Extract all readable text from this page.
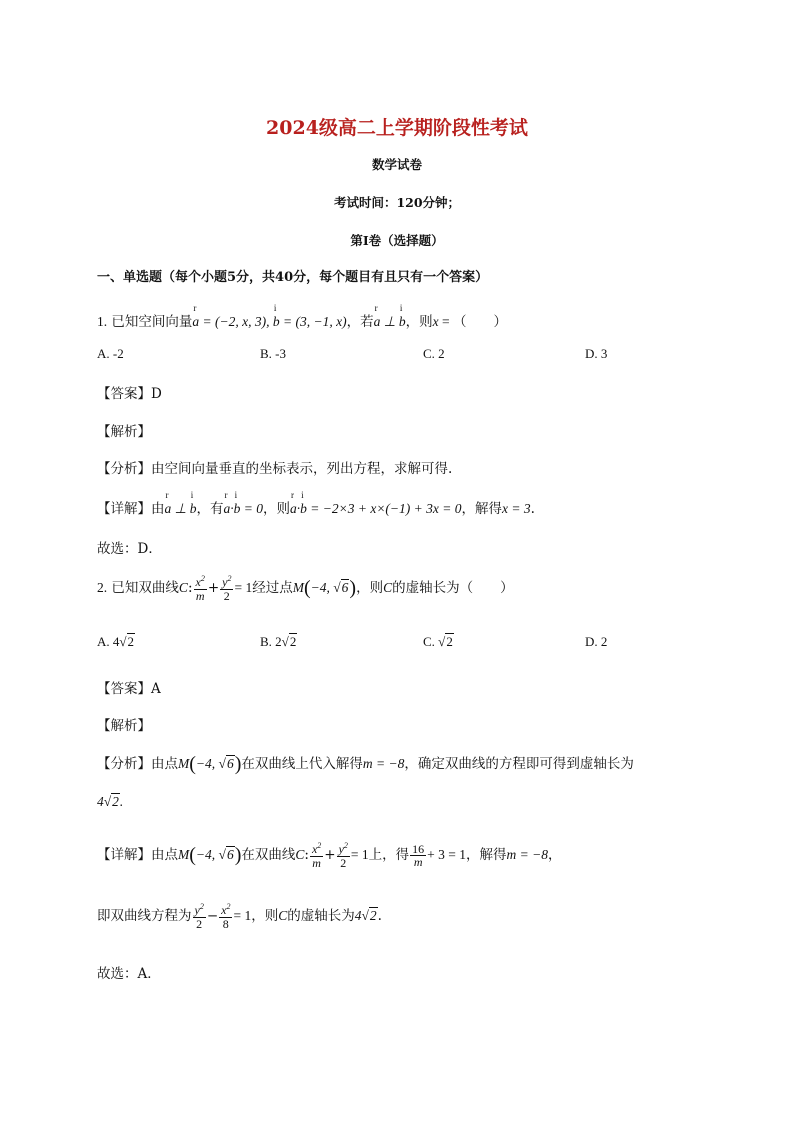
2024级高二上学期阶段性考试
数学试卷
考试时间：120分钟；
第I卷（选择题）
一、单选题（每个小题5分，共40分，每个题目有且只有一个答案）
1. 已知空间向量a
r
= (−2, x, 3), b
i
= (3, −1, x)，若a
r
⊥ b
i
，则x = （　　）
A. -2	B. -3	C. 2	D. 3
【答案】D
【解析】
【分析】由空间向量垂直的坐标表示，列出方程，求解可得.
【详解】由a
r
⊥ b
i
，有a
r
·b
i
= 0，则a
r
·b
i
= −2×3 + x×(−1) + 3x = 0，解得x = 3.
故选：D．
2. 已知双曲线C: $\frac{x^2}{m} + \frac{y^2}{2} = 1$经过点M(−4, √6)，则C的虚轴长为（　　）
A. 4√2	B. 2√2	C. √2	D. 2
【答案】A
【解析】
【分析】由点M(−4, √6)在双曲线上代入解得m = −8，确定双曲线的方程即可得到虚轴长为
4√2.
【详解】由点M(−4, √6)在双曲线C: $\frac{x^2}{m} + \frac{y^2}{2} = 1$上，得 $\frac{16}{m} + 3 = 1$，解得m = −8，
即双曲线方程为 $\frac{y^2}{2} - \frac{x^2}{8} = 1$，则C的虚轴长为4√2.
故选：A．
